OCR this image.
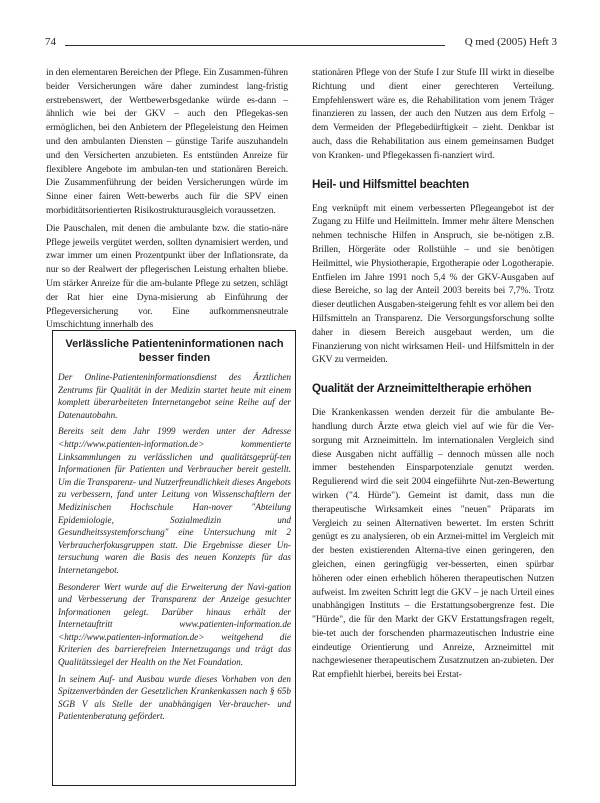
74	Q med (2005) Heft 3

in den elementaren Bereichen der Pflege. Ein Zusammen-führen beider Versicherungen wäre daher zumindest lang-fristig erstrebenswert, der Wettbewerbsgedanke würde es-dann – ähnlich wie bei der GKV – auch den Pflegekas-sen ermöglichen, bei den Anbietern der Pflegeleistung den Heimen und den ambulanten Diensten – günstige Tarife auszuhandeln und den Versicherten anzubieten. Es entstünden Anreize für flexiblere Angebote im ambulan-ten und stationären Bereich. Die Zusammenführung der beiden Versicherungen würde im Sinne einer fairen Wett-bewerbs auch für die SPV einen morbiditätsorientierten Risikostrukturausgleich voraussetzen.

Die Pauschalen, mit denen die ambulante bzw. die statio-näre Pflege jeweils vergütet werden, sollten dynamisiert werden, und zwar immer um einen Prozentpunkt über der Inflationsrate, da nur so der Realwert der pflegerischen Leistung erhalten bliebe. Um stärker Anreize für die am-bulante Pflege zu setzen, schlägt der Rat hier eine Dyna-misierung ab Einführung der Pflegeversicherung vor. Eine aufkommensneutrale Umschichtung innerhalb des

Verlässliche Patienteninformationen nach
besser finden

Der Online-Patienteninformationsdienst des Ärztlichen Zentrums für Qualität in der Medizin startet heute mit einem komplett überarbeiteten Internetangebot seine Reihe auf der Datenautobahn.

Bereits seit dem Jahr 1999 werden unter der Adresse <http://www.patienten-information.de> kommentierte Linksammlungen zu verlässlichen und qualitätsgeprüf-ten Informationen für Patienten und Verbraucher bereit gestellt. Um die Transparenz- und Nutzerfreundlichkeit dieses Angebots zu verbessern, fand unter Leitung von Wissenschaftlern der Medizinischen Hochschule Han-nover "Abteilung Epidemiologie, Sozialmedizin und Gesundheitssystemforschung" eine Untersuchung mit 2 Verbraucherfokusgruppen statt. Die Ergebnisse dieser Un-tersuchung waren die Basis des neuen Konzepts für das Internetangebot.

Besonderer Wert wurde auf die Erweiterung der Navi-gation und Verbesserung der Transparenz der Anzeige gesuchter Informationen gelegt. Darüber hinaus erhält der Internetauftritt www.patienten-information.de <http://www.patienten-information.de> weitgehend die Kriterien des barrierefreien Internetzugangs und trägt das Qualitätssiegel der Health on the Net Foundation.

In seinem Auf- und Ausbau wurde dieses Vorhaben von den Spitzenverbänden der Gesetzlichen Krankenkassen nach § 65b SGB V als Stelle der unabhängigen Ver-braucher- und Patientenberatung gefördert.

stationären Pflege von der Stufe I zur Stufe III wirkt in dieselbe Richtung und dient einer gerechteren Verteilung. Empfehlenswert wäre es, die Rehabilitation vom jenem Träger finanzieren zu lassen, der auch den Nutzen aus dem Erfolg – dem Vermeiden der Pflegebedürftigkeit – zieht. Denkbar ist auch, dass die Rehabilitation aus einem gemeinsamen Budget von Kranken- und Pflegekassen fi-nanziert wird.

Heil- und Hilfsmittel beachten

Eng verknüpft mit einem verbesserten Pflegeangebot ist der Zugang zu Hilfe und Heilmitteln. Immer mehr ältere Menschen nehmen technische Hilfen in Anspruch, sie be-nötigen z.B. Brillen, Hörgeräte oder Rollstühle – und sie benötigen Heilmittel, wie Physiotherapie, Ergotherapie oder Logotherapie. Entfielen im Jahre 1991 noch 5,4 % der GKV-Ausgaben auf diese Bereiche, so lag der Anteil 2003 bereits bei 7,7%. Trotz dieser deutlichen Ausgaben-steigerung fehlt es vor allem bei den Hilfsmitteln an Transparenz. Die Versorgungsforschung sollte daher in diesem Bereich ausgebaut werden, um die Finanzierung von nicht wirksamen Heil- und Hilfsmitteln in der GKV zu vermeiden.

Qualität der Arzneimitteltherapie erhöhen

Die Krankenkassen wenden derzeit für die ambulante Be-handlung durch Ärzte etwa gleich viel auf wie für die Ver-sorgung mit Arzneimitteln. Im internationalen Vergleich sind diese Ausgaben nicht auffällig – dennoch müssen alle noch immer bestehenden Einsparpotenziale genutzt werden. Regulierend wird die seit 2004 eingeführte Nut-zen-Bewertung wirken ("4. Hürde"). Gemeint ist damit, dass nun die therapeutische Wirksamkeit eines "neuen" Präparats im Vergleich zu seinen Alternativen bewertet. Im ersten Schritt genügt es zu analysieren, ob ein Arznei-mittel im Vergleich mit der besten existierenden Alterna-tive einen geringeren, den gleichen, einen geringfügig ver-besserten, einen spürbar höheren oder einen erheblich höheren therapeutischen Nutzen aufweist. Im zweiten Schritt legt die GKV – je nach Urteil eines unabhängigen Instituts – die Erstattungsobergrenze fest. Die "Hürde", die für den Markt der GKV Erstattungsfragen regelt, bie-tet auch der forschenden pharmazeutischen Industrie eine eindeutige Orientierung und Anreize, Arzneimittel mit nachgewiesener therapeutischem Zusatznutzen an-zubieten. Der Rat empfiehlt hierbei, bereits bei Erstat-
